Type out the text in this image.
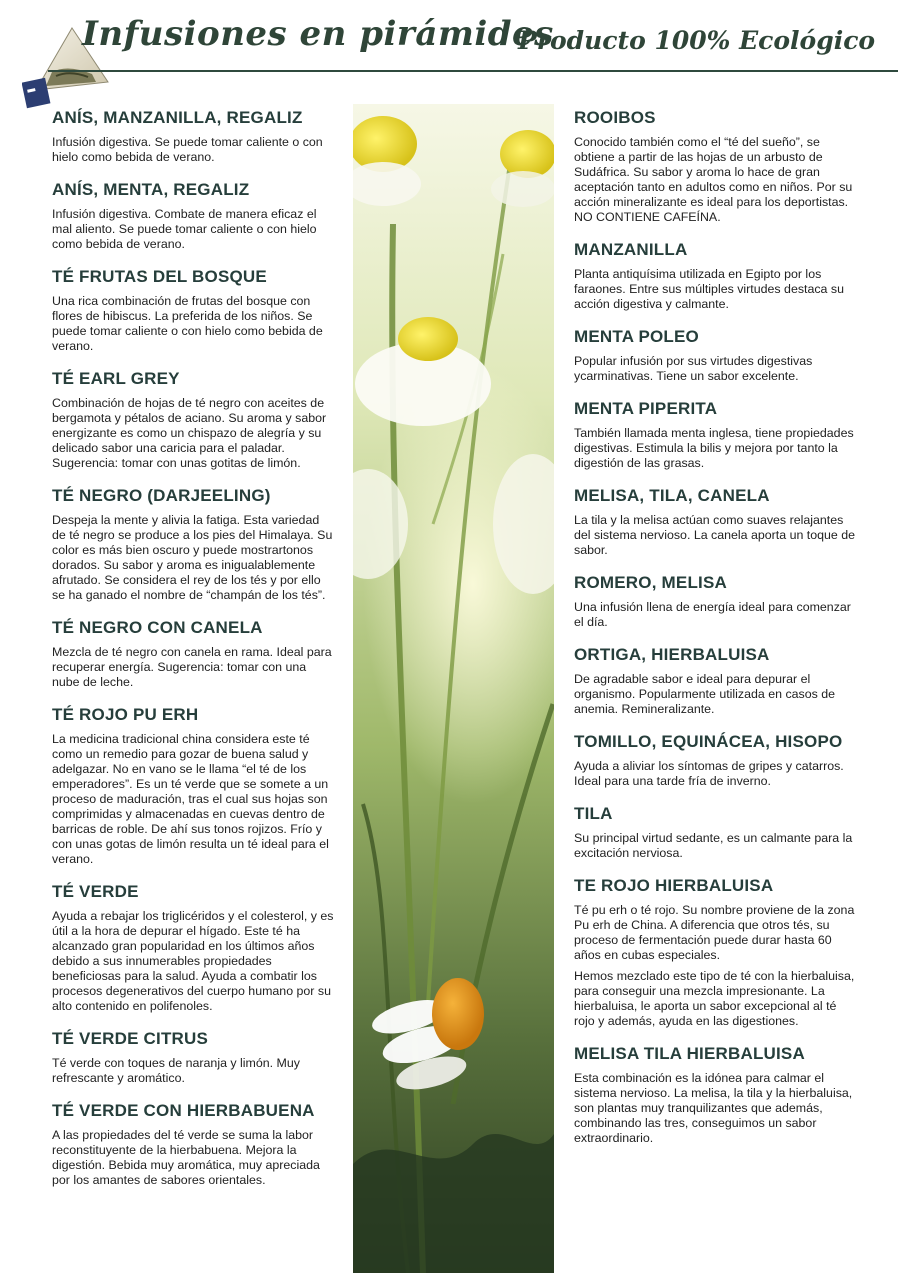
Infusiones en pirámides
Producto 100% Ecológico
ANÍS, MANZANILLA, REGALIZ

Infusión digestiva. Se puede tomar caliente o con hielo como bebida de verano.

ANÍS, MENTA, REGALIZ

Infusión digestiva. Combate de manera eficaz el mal aliento. Se puede tomar caliente o con hielo como bebida de verano.

TÉ FRUTAS DEL BOSQUE

Una rica combinación de frutas del bosque con flores de hibiscus. La preferida de los niños. Se puede tomar caliente o con hielo como bebida de verano.

TÉ EARL GREY

Combinación de hojas de té negro con aceites de bergamota y pétalos de aciano. Su aroma y sabor energizante es como un chispazo de alegría y su delicado sabor una caricia para el paladar. Sugerencia: tomar con unas gotitas de limón.

TÉ NEGRO (DARJEELING)

Despeja la mente y alivia la fatiga. Esta variedad de té negro se produce a los pies del Himalaya. Su color es más bien oscuro y puede mostrartonos dorados. Su sabor y aroma es inigualablemente afrutado. Se considera el rey de los tés y por ello se ha ganado el nombre de “champán de los tés”.

TÉ NEGRO CON CANELA

Mezcla de té negro con canela en rama. Ideal para recuperar energía. Sugerencia: tomar con una nube de leche.

TÉ ROJO PU ERH

La medicina tradicional china considera este té como un remedio para gozar de buena salud y adelgazar. No en vano se le llama “el té de los emperadores”. Es un té verde que se somete a un proceso de maduración, tras el cual sus hojas son comprimidas y almacenadas en cuevas dentro de barricas de roble. De ahí sus tonos rojizos. Frío y con unas gotas de limón resulta un té ideal para el verano.

TÉ VERDE

Ayuda a rebajar los triglicéridos y el colesterol, y es útil a la hora de depurar el hígado. Este té ha alcanzado gran popularidad en los últimos años debido a sus innumerables propiedades beneficiosas para la salud. Ayuda a combatir los procesos degenerativos del cuerpo humano por su alto contenido en polifenoles.

TÉ VERDE CITRUS

Té verde con toques de naranja y limón. Muy refrescante y aromático.

TÉ VERDE CON HIERBABUENA

A las propiedades del té verde se suma la labor reconstituyente de la hierbabuena. Mejora la digestión. Bebida muy aromática, muy apreciada por los amantes de sabores orientales.

ROOIBOS

Conocido también como el “té del sueño”, se obtiene a partir de las hojas de un arbusto de Sudáfrica. Su sabor y aroma lo hace de gran aceptación tanto en adultos como en niños. Por su acción mineralizante es ideal para los deportistas. NO CONTIENE CAFEÍNA.

MANZANILLA

Planta antiquísima utilizada en Egipto por los faraones. Entre sus múltiples virtudes destaca su acción digestiva y calmante.

MENTA POLEO

Popular infusión por sus virtudes digestivas ycarminativas. Tiene un sabor excelente.

MENTA PIPERITA

También llamada menta inglesa, tiene propiedades digestivas. Estimula la bilis y mejora por tanto la digestión de las grasas.

MELISA, TILA, CANELA

La tila y la melisa actúan como suaves relajantes del sistema nervioso. La canela aporta un toque de sabor.

ROMERO, MELISA

Una infusión llena de energía ideal para comenzar el día.

ORTIGA, HIERBALUISA

De agradable sabor e ideal para depurar el organismo. Popularmente utilizada en casos de anemia. Remineralizante.

TOMILLO, EQUINÁCEA, HISOPO

Ayuda a aliviar los síntomas de gripes y catarros. Ideal para una tarde fría de inverno.

TILA

Su principal virtud sedante, es un calmante para la excitación nerviosa.

TE ROJO HIERBALUISA

Té pu erh o té rojo. Su nombre proviene de la zona Pu erh de China. A diferencia que otros tés, su proceso de fermentación puede durar hasta 60 años en cubas especiales.

Hemos mezclado este tipo de té con la hierbaluisa, para conseguir una mezcla impresionante. La hierbaluisa, le aporta un sabor excepcional al té rojo y además, ayuda en las digestiones.

MELISA TILA HIERBALUISA

Esta combinación es la idónea para calmar el sistema nervioso. La melisa, la tila y la hierbaluisa, son plantas muy tranquilizantes que además, combinando las tres, conseguimos un sabor extraordinario.
